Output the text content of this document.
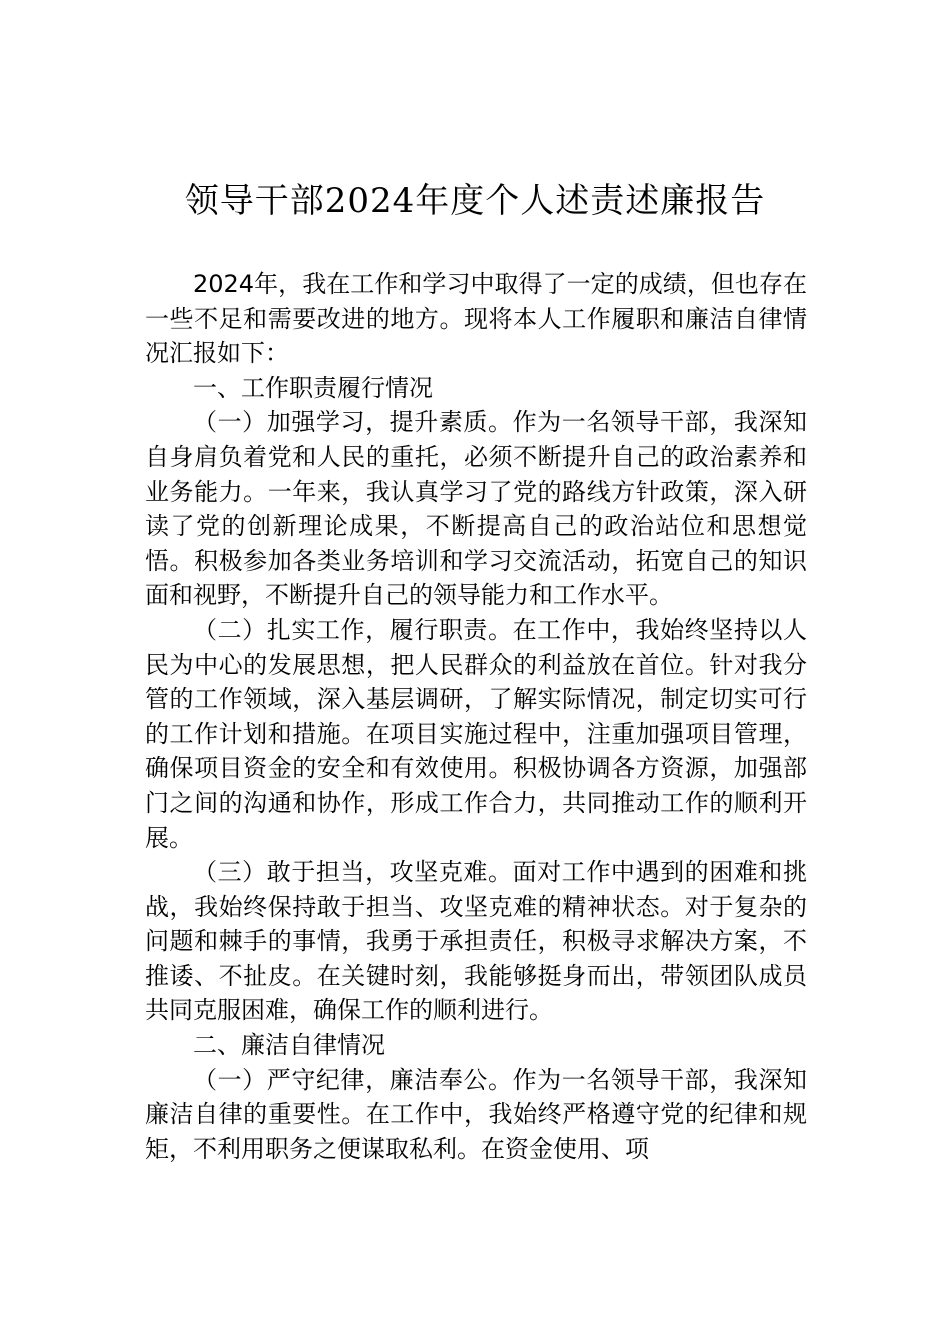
领导干部2024年度个人述责述廉报告

2024年，我在工作和学习中取得了一定的成绩，但也存在一些不足和需要改进的地方。现将本人工作履职和廉洁自律情况汇报如下：

一、工作职责履行情况

（一）加强学习，提升素质。作为一名领导干部，我深知自身肩负着党和人民的重托，必须不断提升自己的政治素养和业务能力。一年来，我认真学习了党的路线方针政策，深入研读了党的创新理论成果，不断提高自己的政治站位和思想觉悟。积极参加各类业务培训和学习交流活动，拓宽自己的知识面和视野，不断提升自己的领导能力和工作水平。

（二）扎实工作，履行职责。在工作中，我始终坚持以人民为中心的发展思想，把人民群众的利益放在首位。针对我分管的工作领域，深入基层调研，了解实际情况，制定切实可行的工作计划和措施。在项目实施过程中，注重加强项目管理，确保项目资金的安全和有效使用。积极协调各方资源，加强部门之间的沟通和协作，形成工作合力，共同推动工作的顺利开展。

（三）敢于担当，攻坚克难。面对工作中遇到的困难和挑战，我始终保持敢于担当、攻坚克难的精神状态。对于复杂的问题和棘手的事情，我勇于承担责任，积极寻求解决方案，不推诿、不扯皮。在关键时刻，我能够挺身而出，带领团队成员共同克服困难，确保工作的顺利进行。

二、廉洁自律情况

（一）严守纪律，廉洁奉公。作为一名领导干部，我深知廉洁自律的重要性。在工作中，我始终严格遵守党的纪律和规矩，不利用职务之便谋取私利。在资金使用、项
